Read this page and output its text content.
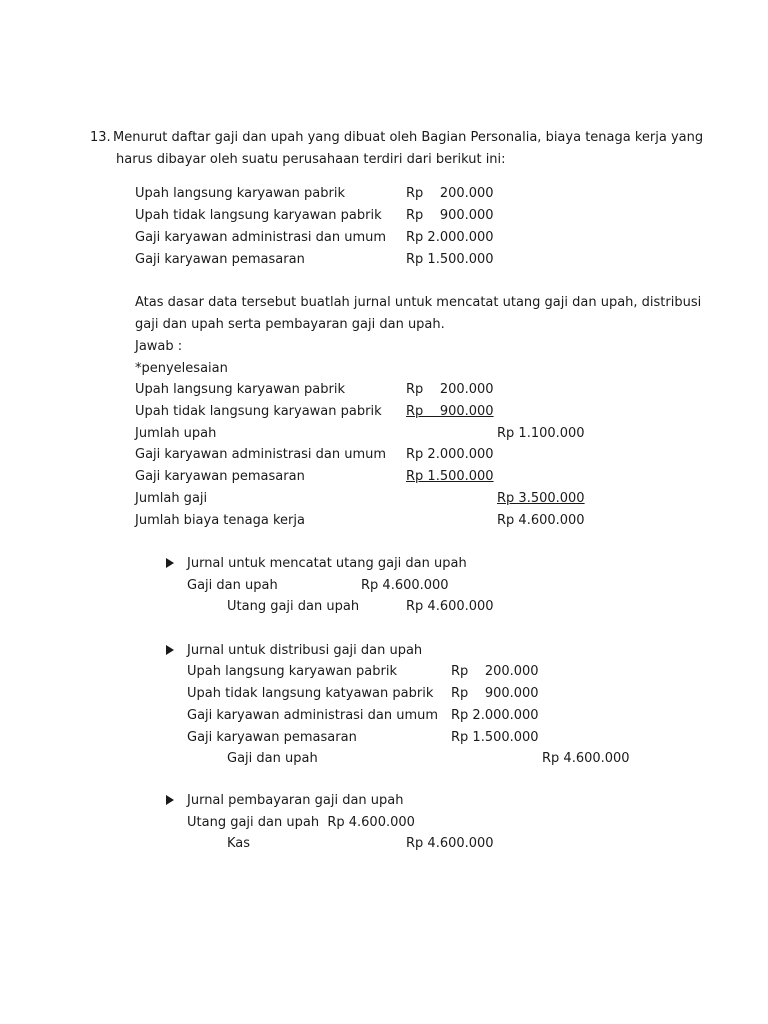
13. Menurut daftar gaji dan upah yang dibuat oleh Bagian Personalia, biaya tenaga kerja yang
harus dibayar oleh suatu perusahaan terdiri dari berikut ini:
Upah langsung karyawan pabrik	Rp    200.000
Upah tidak langsung karyawan pabrik Rp    900.000
Gaji karyawan administrasi dan umum Rp 2.000.000
Gaji karyawan pemasaran	Rp 1.500.000
Atas dasar data tersebut buatlah jurnal untuk mencatat utang gaji dan upah, distribusi
gaji dan upah serta pembayaran gaji dan upah.
Jawab :
*penyelesaian
Upah langsung karyawan pabrik	Rp    200.000
Upah tidak langsung karyawan pabrik Rp    900.000
Jumlah upah	Rp 1.100.000
Gaji karyawan administrasi dan umum Rp 2.000.000
Gaji karyawan pemasaran	Rp 1.500.000
Jumlah gaji	Rp 3.500.000
Jumlah biaya tenaga kerja	Rp 4.600.000
Jurnal untuk mencatat utang gaji dan upah
Gaji dan upah	Rp 4.600.000
Utang gaji dan upah	Rp 4.600.000
Jurnal untuk distribusi gaji dan upah
Upah langsung karyawan pabrik	Rp    200.000
Upah tidak langsung katyawan pabrik Rp    900.000
Gaji karyawan administrasi dan umum Rp 2.000.000
Gaji karyawan pemasaran	Rp 1.500.000
Gaji dan upah	Rp 4.600.000
Jurnal pembayaran gaji dan upah
Utang gaji dan upah  Rp 4.600.000
Kas	Rp 4.600.000
